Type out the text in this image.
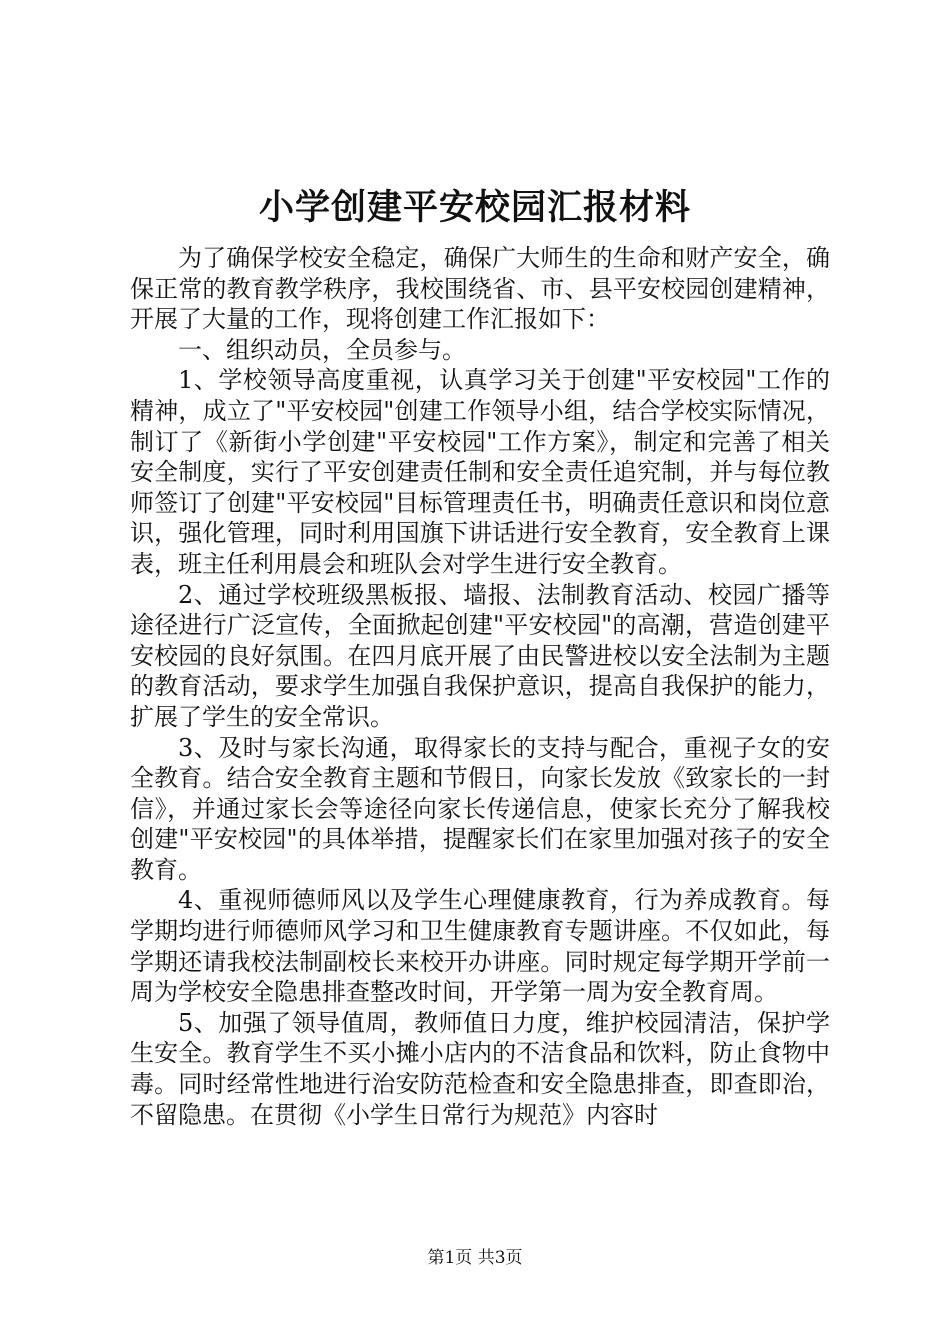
小学创建平安校园汇报材料

为了确保学校安全稳定，确保广大师生的生命和财产安全，确保正常的教育教学秩序，我校围绕省、市、县平安校园创建精神，开展了大量的工作，现将创建工作汇报如下：

一、组织动员，全员参与。

1、学校领导高度重视，认真学习关于创建"平安校园"工作的精神，成立了"平安校园"创建工作领导小组，结合学校实际情况，制订了《新街小学创建"平安校园"工作方案》，制定和完善了相关安全制度，实行了平安创建责任制和安全责任追究制，并与每位教师签订了创建"平安校园"目标管理责任书，明确责任意识和岗位意识，强化管理，同时利用国旗下讲话进行安全教育，安全教育上课表，班主任利用晨会和班队会对学生进行安全教育。

2、通过学校班级黑板报、墙报、法制教育活动、校园广播等途径进行广泛宣传，全面掀起创建"平安校园"的高潮，营造创建平安校园的良好氛围。在四月底开展了由民警进校以安全法制为主题的教育活动，要求学生加强自我保护意识，提高自我保护的能力，扩展了学生的安全常识。

3、及时与家长沟通，取得家长的支持与配合，重视子女的安全教育。结合安全教育主题和节假日，向家长发放《致家长的一封信》，并通过家长会等途径向家长传递信息，使家长充分了解我校创建"平安校园"的具体举措，提醒家长们在家里加强对孩子的安全教育。

4、重视师德师风以及学生心理健康教育，行为养成教育。每学期均进行师德师风学习和卫生健康教育专题讲座。不仅如此，每学期还请我校法制副校长来校开办讲座。同时规定每学期开学前一周为学校安全隐患排查整改时间，开学第一周为安全教育周。

5、加强了领导值周，教师值日力度，维护校园清洁，保护学生安全。教育学生不买小摊小店内的不洁食品和饮料，防止食物中毒。同时经常性地进行治安防范检查和安全隐患排查，即查即治，不留隐患。在贯彻《小学生日常行为规范》内容时

第1页 共3页
